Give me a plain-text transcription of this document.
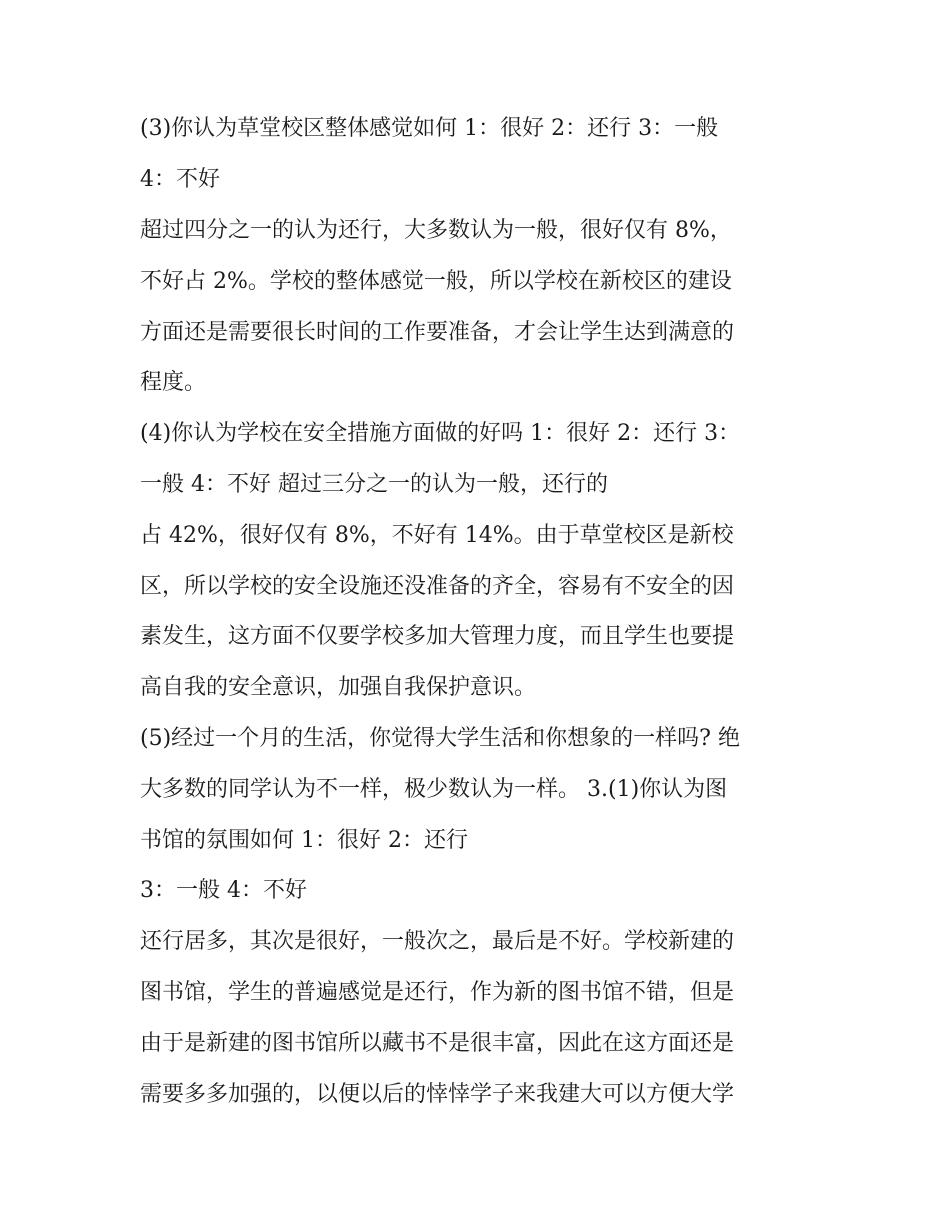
(3)你认为草堂校区整体感觉如何 1：很好 2：还行 3：一般
4：不好
超过四分之一的认为还行，大多数认为一般，很好仅有 8%，
不好占 2%。学校的整体感觉一般，所以学校在新校区的建设
方面还是需要很长时间的工作要准备，才会让学生达到满意的
程度。
(4)你认为学校在安全措施方面做的好吗 1：很好 2：还行 3：
一般 4：不好 超过三分之一的认为一般，还行的
占 42%，很好仅有 8%，不好有 14%。由于草堂校区是新校
区，所以学校的安全设施还没准备的齐全，容易有不安全的因
素发生，这方面不仅要学校多加大管理力度，而且学生也要提
高自我的安全意识，加强自我保护意识。
(5)经过一个月的生活，你觉得大学生活和你想象的一样吗? 绝
大多数的同学认为不一样，极少数认为一样。 3.(1)你认为图
书馆的氛围如何 1：很好 2：还行
3：一般 4：不好
还行居多，其次是很好，一般次之，最后是不好。学校新建的
图书馆，学生的普遍感觉是还行，作为新的图书馆不错，但是
由于是新建的图书馆所以藏书不是很丰富，因此在这方面还是
需要多多加强的，以便以后的悻悻学子来我建大可以方便大学
